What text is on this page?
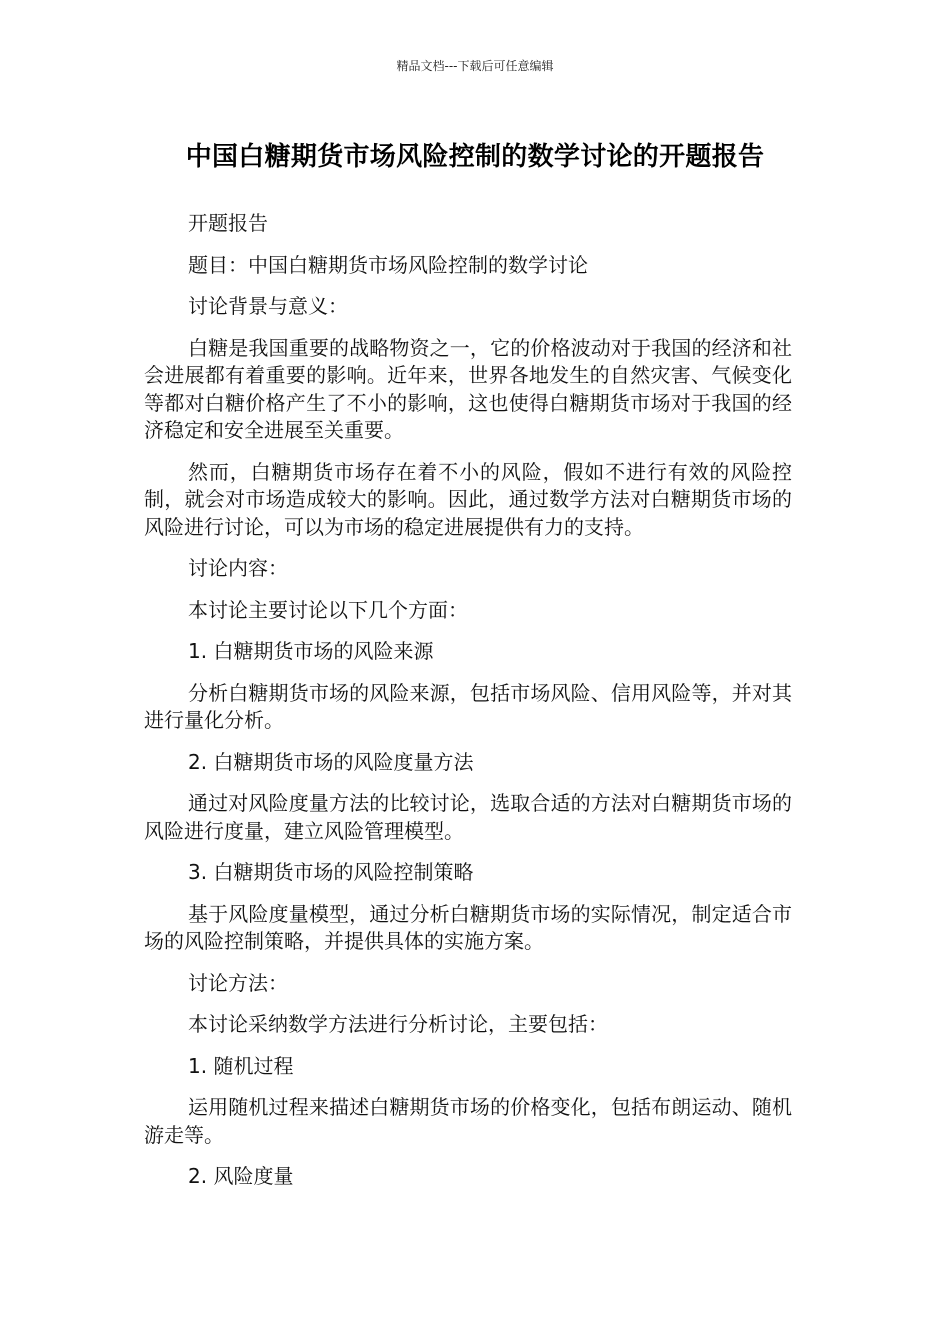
精品文档---下载后可任意编辑
中国白糖期货市场风险控制的数学讨论的开题报告

开题报告

题目：中国白糖期货市场风险控制的数学讨论

讨论背景与意义：

白糖是我国重要的战略物资之一，它的价格波动对于我国的经济和社会进展都有着重要的影响。近年来，世界各地发生的自然灾害、气候变化等都对白糖价格产生了不小的影响，这也使得白糖期货市场对于我国的经济稳定和安全进展至关重要。

然而，白糖期货市场存在着不小的风险，假如不进行有效的风险控制，就会对市场造成较大的影响。因此，通过数学方法对白糖期货市场的风险进行讨论，可以为市场的稳定进展提供有力的支持。

讨论内容：

本讨论主要讨论以下几个方面：

1. 白糖期货市场的风险来源

分析白糖期货市场的风险来源，包括市场风险、信用风险等，并对其进行量化分析。

2. 白糖期货市场的风险度量方法

通过对风险度量方法的比较讨论，选取合适的方法对白糖期货市场的风险进行度量，建立风险管理模型。

3. 白糖期货市场的风险控制策略

基于风险度量模型，通过分析白糖期货市场的实际情况，制定适合市场的风险控制策略，并提供具体的实施方案。

讨论方法：

本讨论采纳数学方法进行分析讨论，主要包括：

1. 随机过程

运用随机过程来描述白糖期货市场的价格变化，包括布朗运动、随机游走等。

2. 风险度量
